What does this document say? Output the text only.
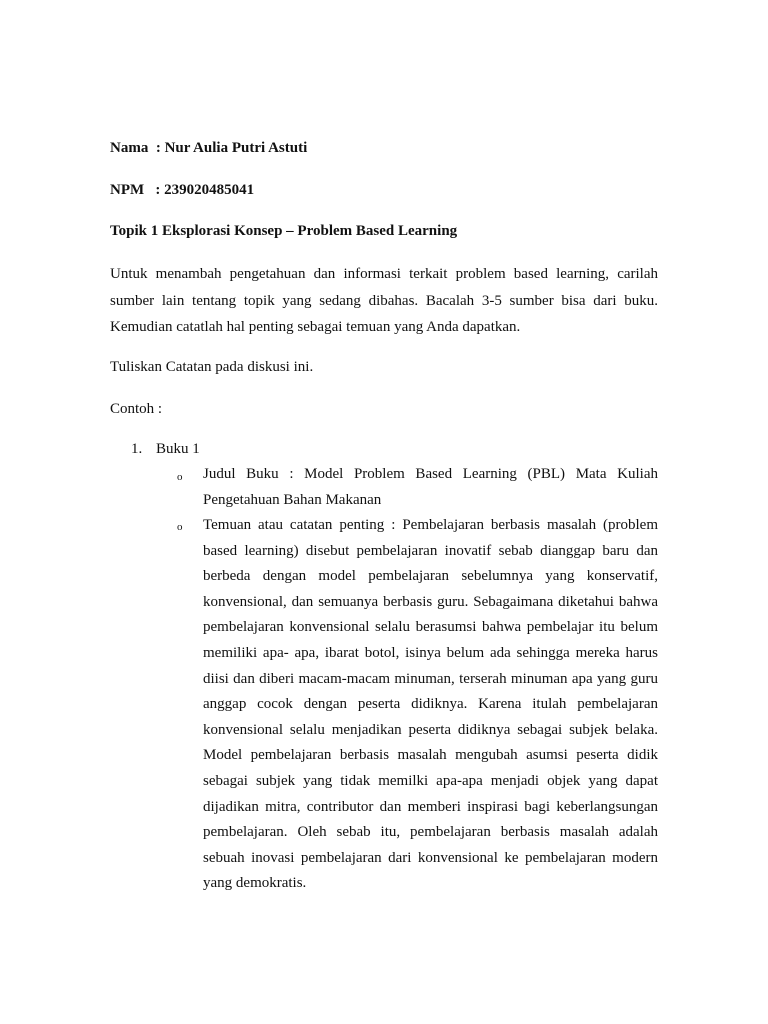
Nama  : Nur Aulia Putri Astuti
NPM   : 239020485041
Topik 1 Eksplorasi Konsep – Problem Based Learning

Untuk menambah pengetahuan dan informasi terkait problem based learning, carilah sumber lain tentang topik yang sedang dibahas. Bacalah 3-5 sumber bisa dari buku. Kemudian catatlah hal penting sebagai temuan yang Anda dapatkan.

Tuliskan Catatan pada diskusi ini.
Contoh :
1. Buku 1
o Judul Buku : Model Problem Based Learning (PBL) Mata Kuliah Pengetahuan Bahan Makanan

o Temuan atau catatan penting : Pembelajaran berbasis masalah (problem based learning) disebut pembelajaran inovatif sebab dianggap baru dan berbeda dengan model pembelajaran sebelumnya yang konservatif, konvensional, dan semuanya berbasis guru. Sebagaimana diketahui bahwa pembelajaran konvensional selalu berasumsi bahwa pembelajar itu belum memiliki apa- apa, ibarat botol, isinya belum ada sehingga mereka harus diisi dan diberi macam-macam minuman, terserah minuman apa yang guru anggap cocok dengan peserta didiknya. Karena itulah pembelajaran konvensional selalu menjadikan peserta didiknya sebagai subjek belaka. Model pembelajaran berbasis masalah mengubah asumsi peserta didik sebagai subjek yang tidak memilki apa-apa menjadi objek yang dapat dijadikan mitra, contributor dan memberi inspirasi bagi keberlangsungan pembelajaran. Oleh sebab itu, pembelajaran berbasis masalah adalah sebuah inovasi pembelajaran dari konvensional ke pembelajaran modern yang demokratis.
